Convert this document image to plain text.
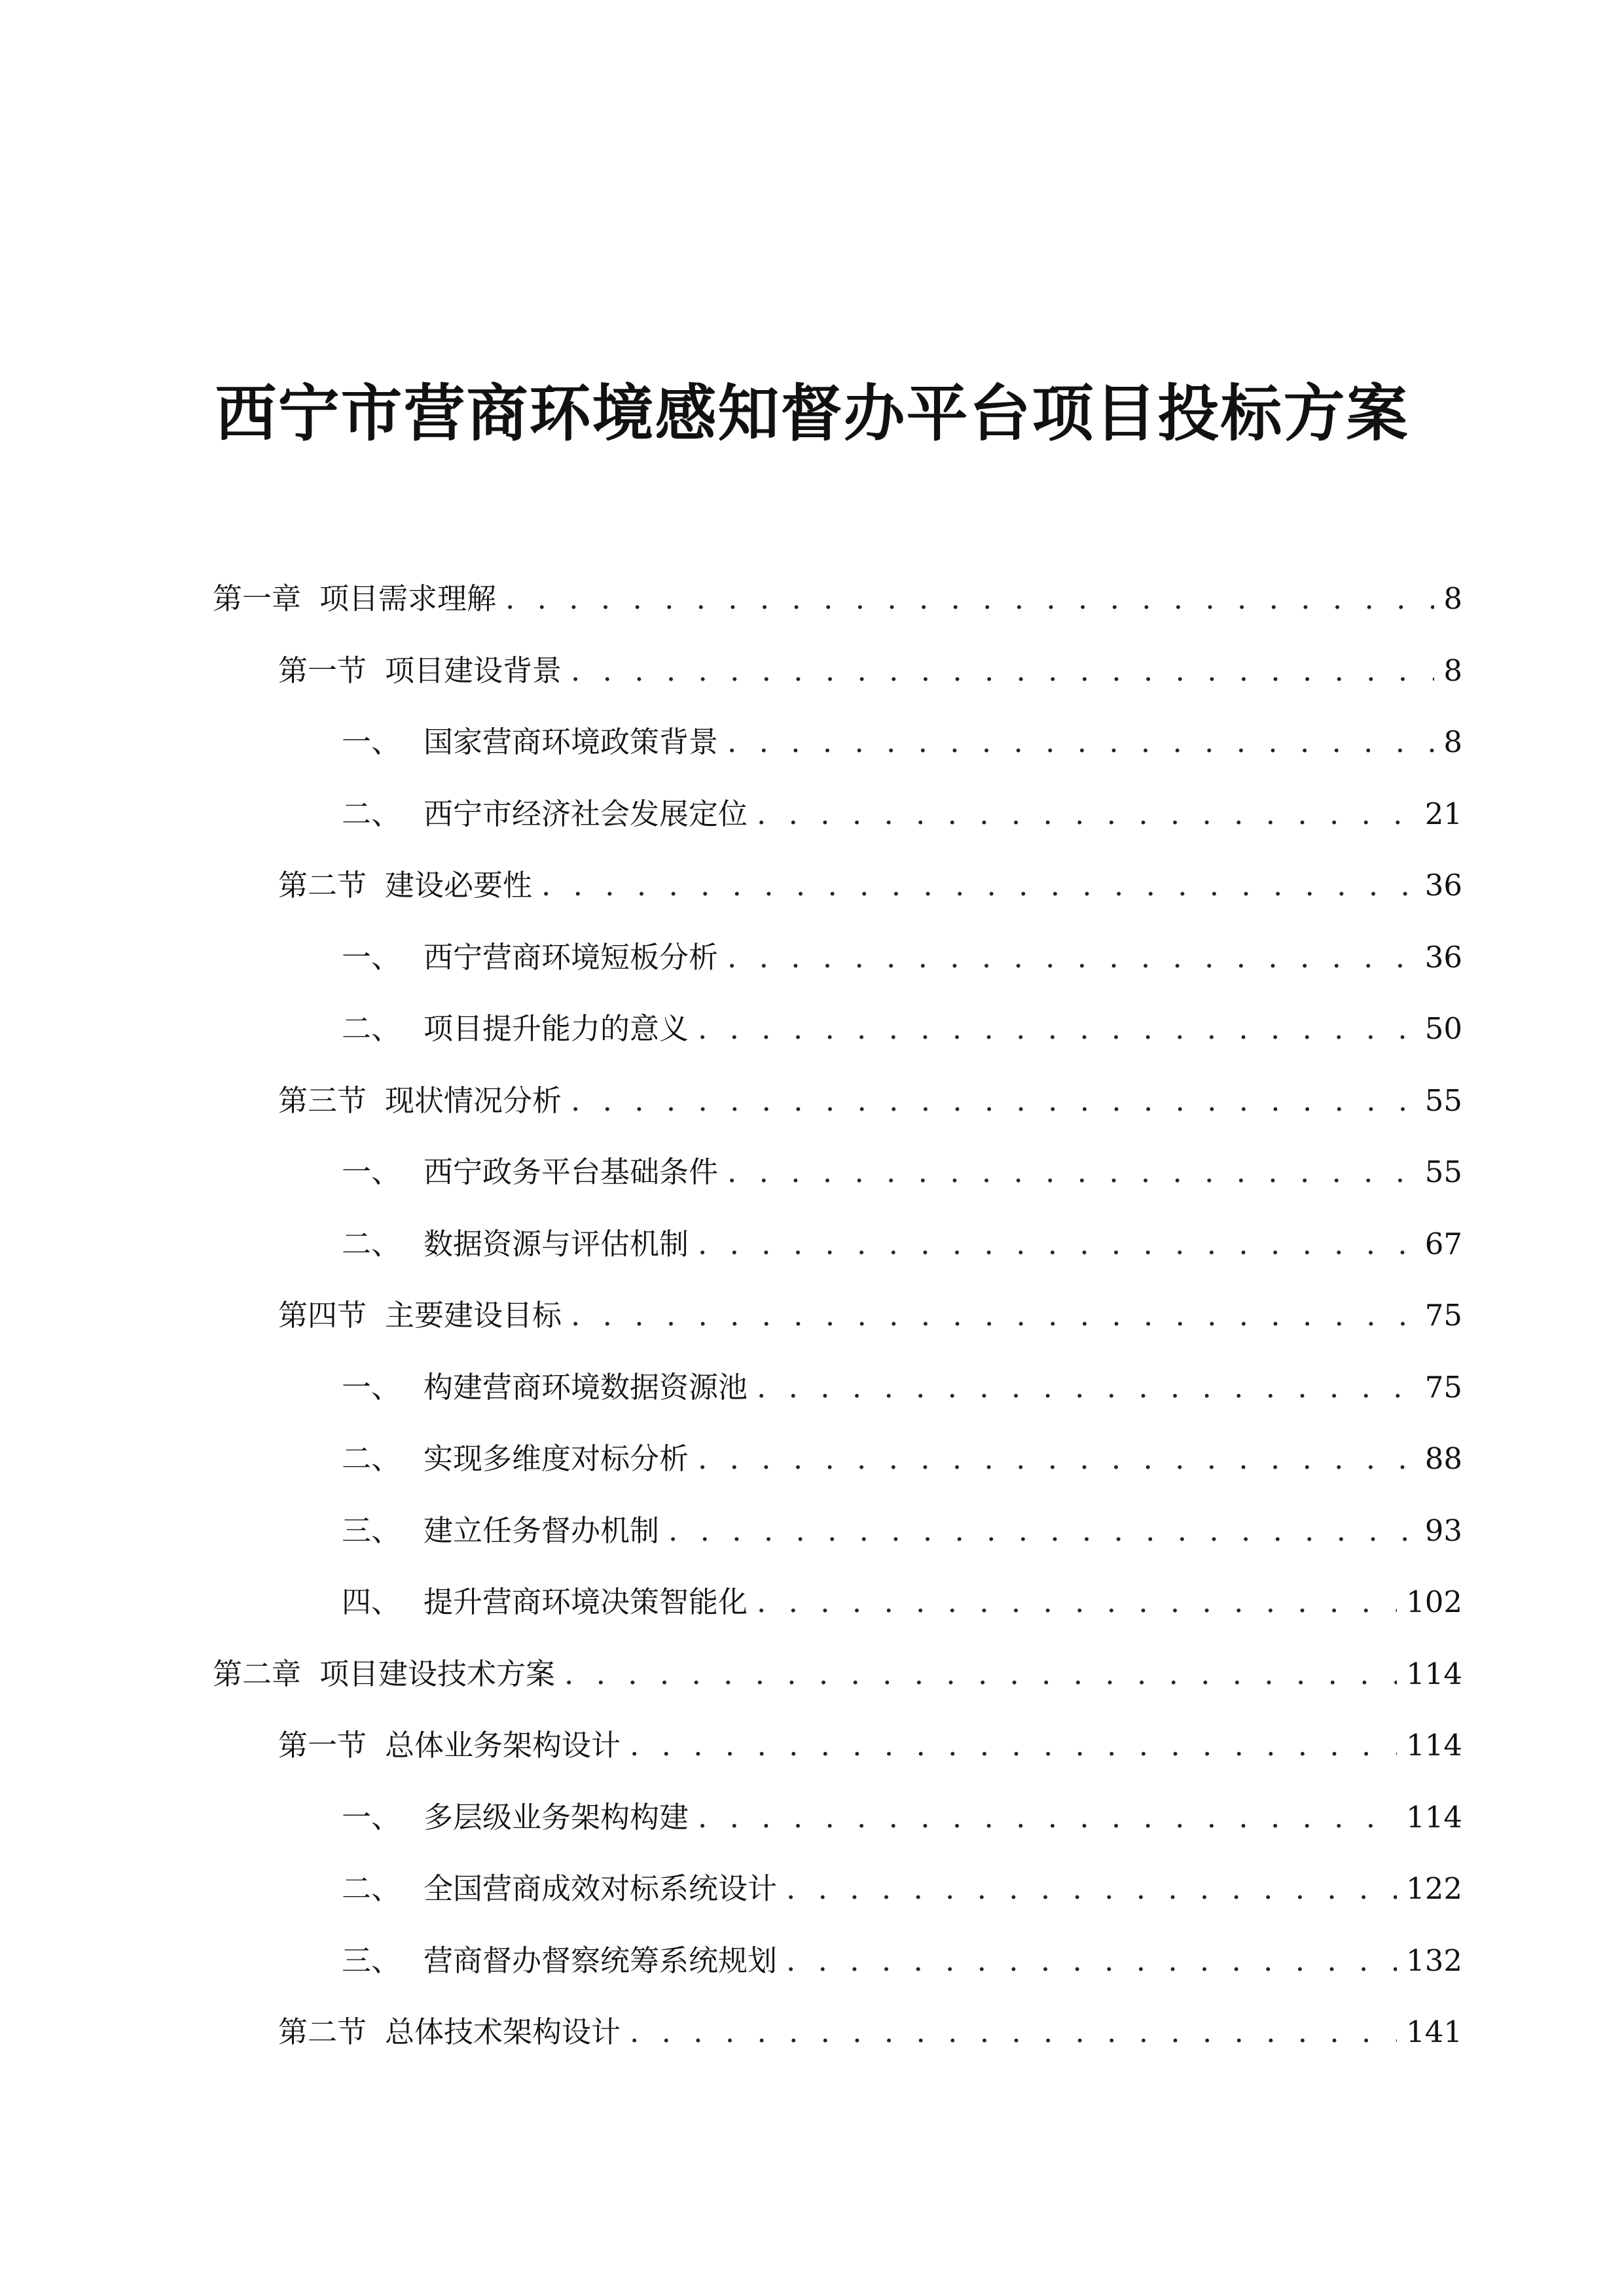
西宁市营商环境感知督办平台项目投标方案
第一章 项目需求理解 . . .	8
第一节 项目建设背景 . . .	8
一、 国家营商环境政策背景 . . .	8
二、 西宁市经济社会发展定位 . . .	21
第二节 建设必要性 . . .	36
一、 西宁营商环境短板分析 . . .	36
二、 项目提升能力的意义 . . .	50
第三节 现状情况分析 . . .	55
一、 西宁政务平台基础条件 . . .	55
二、 数据资源与评估机制 . . .	67
第四节 主要建设目标 . . .	75
一、 构建营商环境数据资源池 . . .	75
二、 实现多维度对标分析 . . .	88
三、 建立任务督办机制 . . .	93
四、 提升营商环境决策智能化 . . .	102
第二章 项目建设技术方案 . . .	114
第一节 总体业务架构设计 . . .	114
一、 多层级业务架构构建 . . .	114
二、 全国营商成效对标系统设计 . . .	122
三、 营商督办督察统筹系统规划 . . .	132
第二节 总体技术架构设计 . . .	141
